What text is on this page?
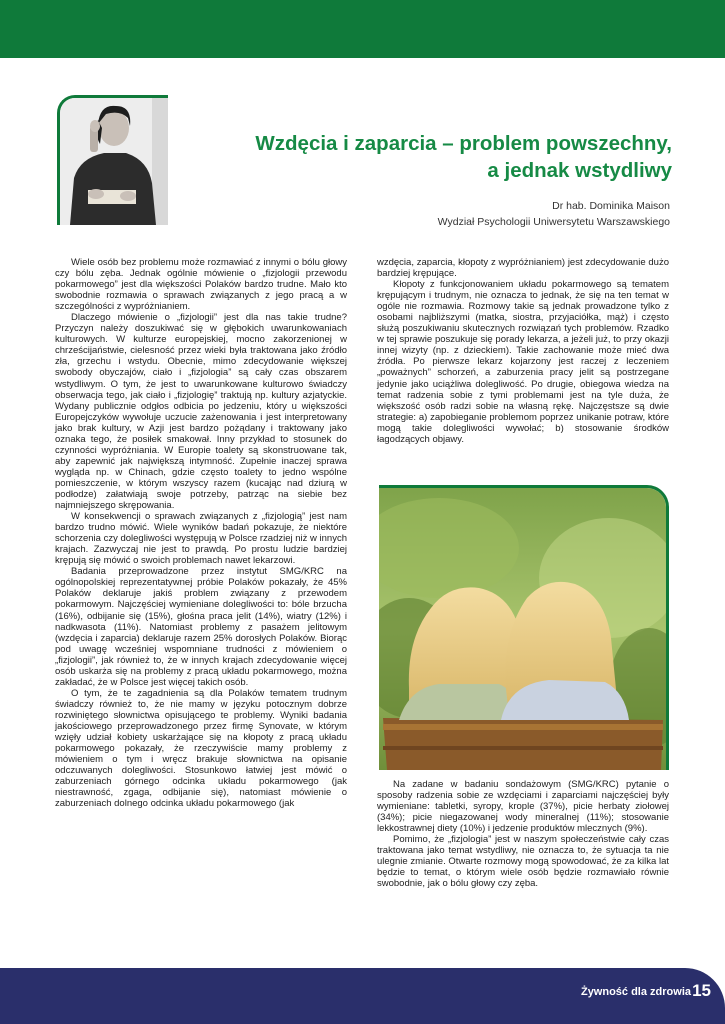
Wzdęcia i zaparcia – problem powszechny,
a jednak wstydliwy
Dr hab. Dominika Maison
Wydział Psychologii Uniwersytetu Warszawskiego

Wiele osób bez problemu może rozmawiać z innymi o bólu głowy czy bólu zęba. Jednak ogólnie mówienie o „fizjologii przewodu pokarmowego” jest dla większości Polaków bardzo trudne. Mało kto swobodnie rozmawia o sprawach związanych z jego pracą a w szczególności z wypróżnianiem.

Dlaczego mówienie o „fizjologii” jest dla nas takie trudne? Przyczyn należy doszukiwać się w głębokich uwarunkowaniach kulturowych. W kulturze europejskiej, mocno zakorzenionej w chrześcijaństwie, cielesność przez wieki była traktowana jako źródło zła, grzechu i wstydu. Obecnie, mimo zdecydowanie większej swobody obyczajów, ciało i „fizjologia” są cały czas obszarem wstydliwym. O tym, że jest to uwarunkowane kulturowo świadczy obserwacja tego, jak ciało i „fizjologię” traktują np. kultury azjatyckie. Wydany publicznie odgłos odbicia po jedzeniu, który u większości Europejczyków wywołuje uczucie zażenowania i jest interpretowany jako brak kultury, w Azji jest bardzo pożądany i traktowany jako oznaka tego, że posiłek smakował. Inny przykład to stosunek do czynności wypróżniania. W Europie toalety są skonstruowane tak, aby zapewnić jak największą intymność. Zupełnie inaczej sprawa wygląda np. w Chinach, gdzie często toalety to jedno wspólne pomieszczenie, w którym wszyscy razem (kucając nad dziurą w podłodze) załatwiają swoje potrzeby, patrząc na siebie bez najmniejszego skrępowania.

W konsekwencji o sprawach związanych z „fizjologią” jest nam bardzo trudno mówić. Wiele wyników badań pokazuje, że niektóre schorzenia czy dolegliwości występują w Polsce rzadziej niż w innych krajach. Zazwyczaj nie jest to prawdą. Po prostu ludzie bardziej krępują się mówić o swoich problemach nawet lekarzowi.

Badania przeprowadzone przez instytut SMG/KRC na ogólnopolskiej reprezentatywnej próbie Polaków pokazały, że 45% Polaków deklaruje jakiś problem związany z przewodem pokarmowym. Najczęściej wymieniane dolegliwości to: bóle brzucha (16%), odbijanie się (15%), głośna praca jelit (14%), wiatry (12%) i nadkwasota (11%). Natomiast problemy z pasażem jelitowym (wzdęcia i zaparcia) deklaruje razem 25% dorosłych Polaków. Biorąc pod uwagę wcześniej wspomniane trudności z mówieniem o „fizjologii”, jak również to, że w innych krajach zdecydowanie więcej osób uskarża się na problemy z pracą układu pokarmowego, można zakładać, że w Polsce jest więcej takich osób.

O tym, że te zagadnienia są dla Polaków tematem trudnym świadczy również to, że nie mamy w języku potocznym dobrze rozwiniętego słownictwa opisującego te problemy. Wyniki badania jakościowego przeprowadzonego przez firmę Synovate, w którym wzięły udział kobiety uskarżające się na kłopoty z pracą układu pokarmowego pokazały, że rzeczywiście mamy problemy z mówieniem o tym i wręcz brakuje słownictwa na opisanie odczuwanych dolegliwości. Stosunkowo łatwiej jest mówić o zaburzeniach górnego odcinka układu pokarmowego (jak niestrawność, zgaga, odbijanie się), natomiast mówienie o zaburzeniach dolnego odcinka układu pokarmowego (jak

wzdęcia, zaparcia, kłopoty z wypróżnianiem) jest zdecydowanie dużo bardziej krępujące.

Kłopoty z funkcjonowaniem układu pokarmowego są tematem krępującym i trudnym, nie oznacza to jednak, że się na ten temat w ogóle nie rozmawia. Rozmowy takie są jednak prowadzone tylko z osobami najbliższymi (matka, siostra, przyjaciółka, mąż) i często służą poszukiwaniu skutecznych rozwiązań tych problemów. Rzadko w tej sprawie poszukuje się porady lekarza, a jeżeli już, to przy okazji innej wizyty (np. z dzieckiem). Takie zachowanie może mieć dwa źródła. Po pierwsze lekarz kojarzony jest raczej z leczeniem „poważnych” schorzeń, a zaburzenia pracy jelit są postrzegane jedynie jako uciążliwa dolegliwość. Po drugie, obiegowa wiedza na temat radzenia sobie z tymi problemami jest na tyle duża, że większość osób radzi sobie na własną rękę. Najczęstsze są dwie strategie: a) zapobieganie problemom poprzez unikanie potraw, które mogą takie dolegliwości wywołać; b) stosowanie środków łagodzących objawy.

Na zadane w badaniu sondażowym (SMG/KRC) pytanie o sposoby radzenia sobie ze wzdęciami i zaparciami najczęściej były wymieniane: tabletki, syropy, krople (37%), picie herbaty ziołowej (34%); picie niegazowanej wody mineralnej (11%); stosowanie lekkostrawnej diety (10%) i jedzenie produktów mlecznych (9%).

Pomimo, że „fizjologia” jest w naszym społeczeństwie cały czas traktowana jako temat wstydliwy, nie oznacza to, że sytuacja ta nie ulegnie zmianie. Otwarte rozmowy mogą spowodować, że za kilka lat będzie to temat, o którym wiele osób będzie rozmawiało równie swobodnie, jak o bólu głowy czy zęba.

Żywność dla zdrowia 15
